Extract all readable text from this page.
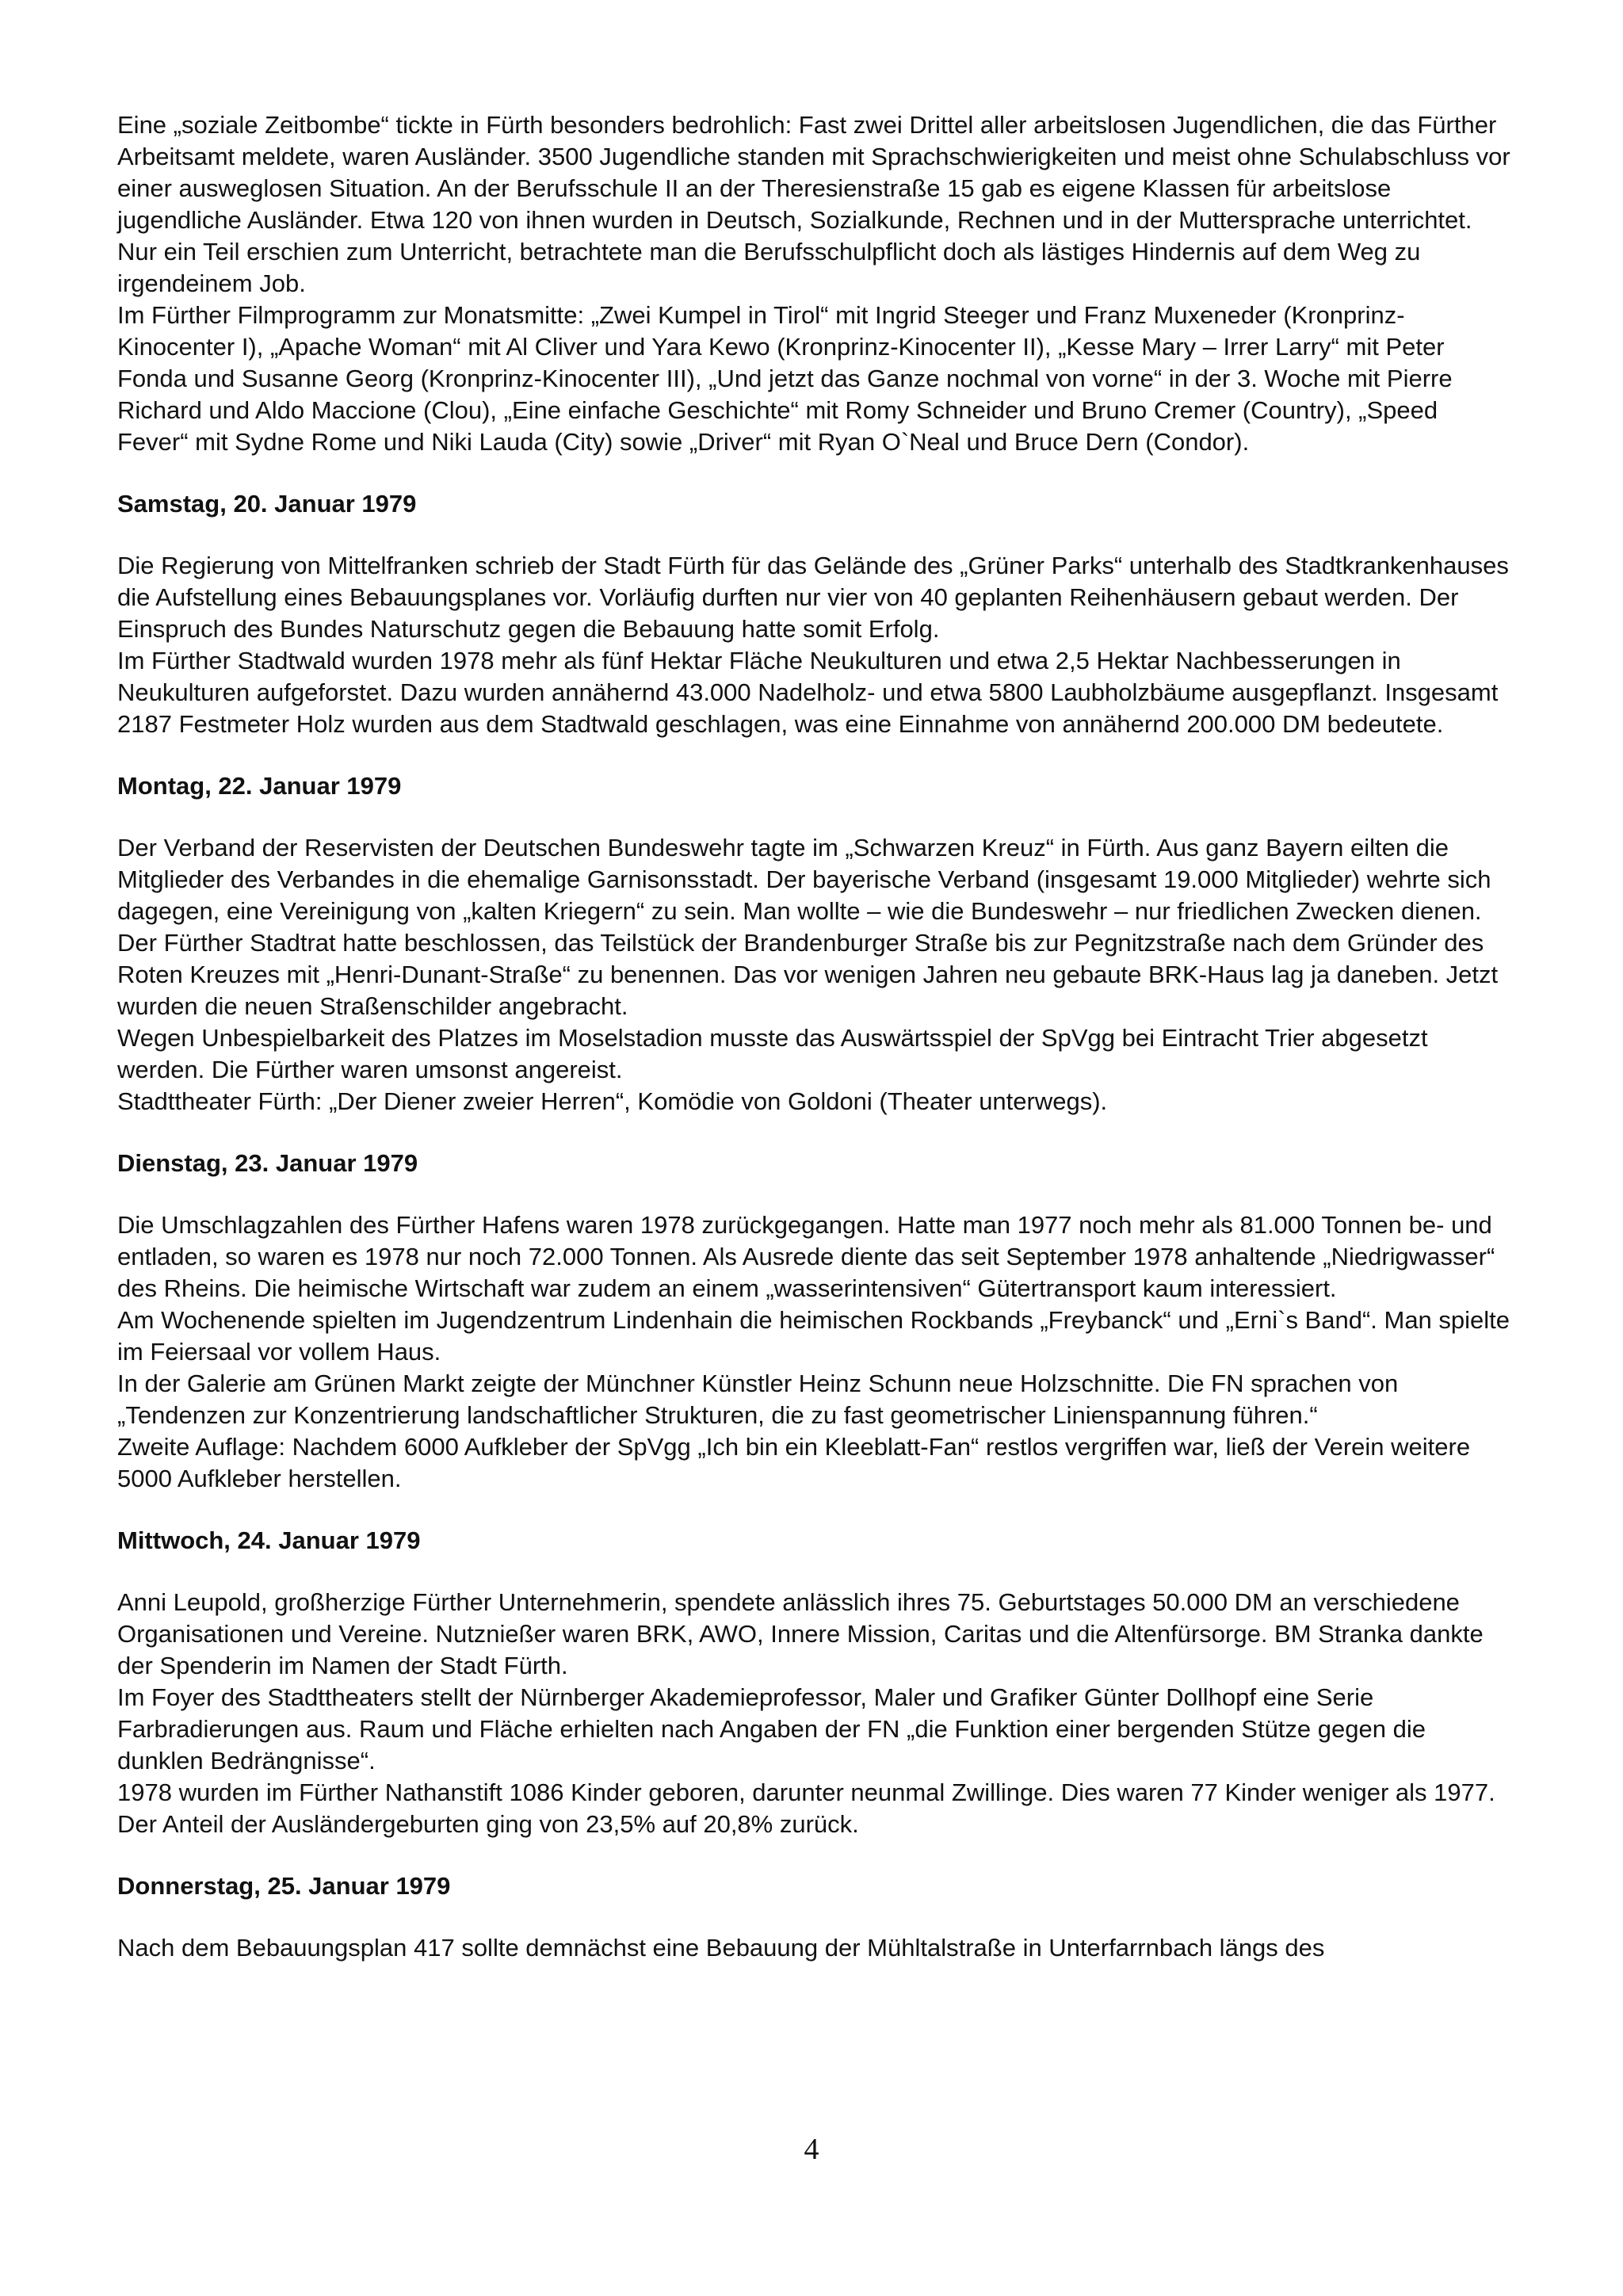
Eine „soziale Zeitbombe“ tickte in Fürth besonders bedrohlich: Fast zwei Drittel aller arbeitslosen Jugendlichen, die das Fürther Arbeitsamt meldete, waren Ausländer. 3500 Jugendliche standen mit Sprachschwierigkeiten und meist ohne Schulabschluss vor einer ausweglosen Situation. An der Berufsschule II an der Theresienstraße 15 gab es eigene Klassen für arbeitslose jugendliche Ausländer. Etwa 120 von ihnen wurden in Deutsch, Sozialkunde, Rechnen und in der Muttersprache unterrichtet. Nur ein Teil erschien zum Unterricht, betrachtete man die Berufsschulpflicht doch als lästiges Hindernis auf dem Weg zu irgendeinem Job.

Im Fürther Filmprogramm zur Monatsmitte: „Zwei Kumpel in Tirol“ mit Ingrid Steeger und Franz Muxeneder (Kronprinz-Kinocenter I), „Apache Woman“ mit Al Cliver und Yara Kewo (Kronprinz-Kinocenter II), „Kesse Mary – Irrer Larry“ mit Peter Fonda und Susanne Georg (Kronprinz-Kinocenter III), „Und jetzt das Ganze nochmal von vorne“ in der 3. Woche mit Pierre Richard und Aldo Maccione (Clou), „Eine einfache Geschichte“ mit Romy Schneider und Bruno Cremer (Country), „Speed Fever“ mit Sydne Rome und Niki Lauda (City) sowie „Driver“ mit Ryan O`Neal und Bruce Dern (Condor).

Samstag, 20. Januar 1979

Die Regierung von Mittelfranken schrieb der Stadt Fürth für das Gelände des „Grüner Parks“ unterhalb des Stadtkrankenhauses die Aufstellung eines Bebauungsplanes vor. Vorläufig durften nur vier von 40 geplanten Reihenhäusern gebaut werden. Der Einspruch des Bundes Naturschutz gegen die Bebauung hatte somit Erfolg.

Im Fürther Stadtwald wurden 1978 mehr als fünf Hektar Fläche Neukulturen und etwa 2,5 Hektar Nachbesserungen in Neukulturen aufgeforstet. Dazu wurden annähernd 43.000 Nadelholz- und etwa 5800 Laubholzbäume ausgepflanzt. Insgesamt 2187 Festmeter Holz wurden aus dem Stadtwald geschlagen, was eine Einnahme von annähernd 200.000 DM bedeutete.

Montag, 22. Januar 1979

Der Verband der Reservisten der Deutschen Bundeswehr tagte im „Schwarzen Kreuz“ in Fürth. Aus ganz Bayern eilten die Mitglieder des Verbandes in die ehemalige Garnisonsstadt. Der bayerische Verband (insgesamt 19.000 Mitglieder) wehrte sich dagegen, eine Vereinigung von „kalten Kriegern“ zu sein. Man wollte – wie die Bundeswehr – nur friedlichen Zwecken dienen.

Der Fürther Stadtrat hatte beschlossen, das Teilstück der Brandenburger Straße bis zur Pegnitzstraße nach dem Gründer des Roten Kreuzes mit „Henri-Dunant-Straße“ zu benennen. Das vor wenigen Jahren neu gebaute BRK-Haus lag ja daneben. Jetzt wurden die neuen Straßenschilder angebracht.

Wegen Unbespielbarkeit des Platzes im Moselstadion musste das Auswärtsspiel der SpVgg bei Eintracht Trier abgesetzt werden. Die Fürther waren umsonst angereist.

Stadttheater Fürth: „Der Diener zweier Herren“, Komödie von Goldoni (Theater unterwegs).

Dienstag, 23. Januar 1979

Die Umschlagzahlen des Fürther Hafens waren 1978 zurückgegangen. Hatte man 1977 noch mehr als 81.000 Tonnen be- und entladen, so waren es 1978 nur noch 72.000 Tonnen. Als Ausrede diente das seit September 1978 anhaltende „Niedrigwasser“ des Rheins. Die heimische Wirtschaft war zudem an einem „wasserintensiven“ Gütertransport kaum interessiert.

Am Wochenende spielten im Jugendzentrum Lindenhain die heimischen Rockbands „Freybanck“ und „Erni`s Band“. Man spielte im Feiersaal vor vollem Haus.

In der Galerie am Grünen Markt zeigte der Münchner Künstler Heinz Schunn neue Holzschnitte. Die FN sprachen von „Tendenzen zur Konzentrierung landschaftlicher Strukturen, die zu fast geometrischer Linienspannung führen.“

Zweite Auflage: Nachdem 6000 Aufkleber der SpVgg „Ich bin ein Kleeblatt-Fan“ restlos vergriffen war, ließ der Verein weitere 5000 Aufkleber herstellen.

Mittwoch, 24. Januar 1979

Anni Leupold, großherzige Fürther Unternehmerin, spendete anlässlich ihres 75. Geburtstages 50.000 DM an verschiedene Organisationen und Vereine. Nutznießer waren BRK, AWO, Innere Mission, Caritas und die Altenfürsorge. BM Stranka dankte der Spenderin im Namen der Stadt Fürth.

Im Foyer des Stadttheaters stellt der Nürnberger Akademieprofessor, Maler und Grafiker Günter Dollhopf eine Serie Farbradierungen aus. Raum und Fläche erhielten nach Angaben der FN „die Funktion einer bergenden Stütze gegen die dunklen Bedrängnisse“.

1978 wurden im Fürther Nathanstift 1086 Kinder geboren, darunter neunmal Zwillinge. Dies waren 77 Kinder weniger als 1977. Der Anteil der Ausländergeburten ging von 23,5% auf 20,8% zurück.

Donnerstag, 25. Januar 1979

Nach dem Bebauungsplan 417 sollte demnächst eine Bebauung der Mühltalstraße in Unterfarrnbach längs des

4
